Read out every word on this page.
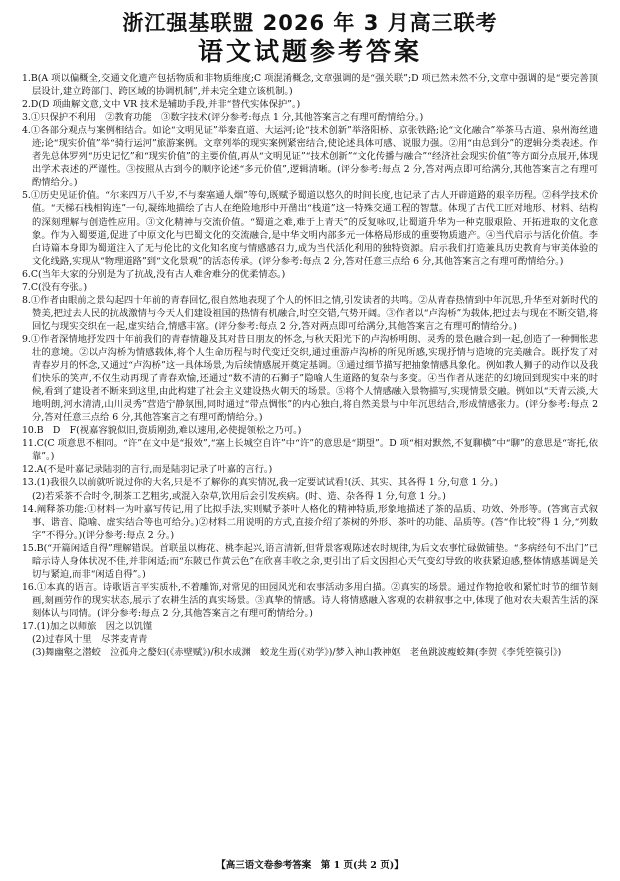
浙江强基联盟 2026 年 3 月高三联考
语文试题参考答案

1.B(A 项以偏概全,交通文化遗产包括物质和非物质维度;C 项混淆概念,文章强调的是“强关联”;D 项已然未然不分,文章中强调的是“要完善顶层设计,建立跨部门、跨区域的协调机制”,并未完全建立该机制。)

2.D(D 项曲解文意,文中 VR 技术是辅助手段,并非“替代实体保护”。)

3.①只保护不利用　②教育功能　③数字技术(评分参考:每点 1 分,其他答案言之有理可酌情给分。)

4.①各部分观点与案例相结合。如论“文明见证”举秦直道、大运河;论“技术创新”举洛阳桥、京张铁路;论“文化融合”举茶马古道、泉州海丝遗迹;论“现实价值”举“骑行运河”旅游案例。文章列举的现实案例紧密结合,使论述具体可感、说服力强。②用“由总到分”的逻辑分类表述。作者先总体罗列“历史记忆”和“现实价值”的主要价值,再从“文明见证”“技术创新”“文化传播与融合”“经济社会现实价值”等方面分点展开,体现出学术表述的严谨性。③按照从古到今的顺序论述“多元价值”,逻辑清晰。(评分参考:每点 2 分,答对两点即可给满分,其他答案言之有理可酌情给分。)

5.①历史见证价值。“尔来四万八千岁,不与秦塞通人烟”等句,既赋予蜀道以悠久的时间长度,也记录了古人开辟道路的艰辛历程。②科学技术价值。“天梯石栈相钩连”一句,凝练地描绘了古人在绝险地形中开凿出“栈道”这一特殊交通工程的智慧。体现了古代工匠对地形、材料、结构的深刻理解与创造性应用。③文化精神与交流价值。“蜀道之难,难于上青天”的反复咏叹,让蜀道升华为一种克服艰险、开拓进取的文化意象。作为入蜀要道,促进了中原文化与巴蜀文化的交流融合,是中华文明内部多元一体格局形成的重要物质遗产。④当代启示与活化价值。李白诗篇本身即为蜀道注入了无与伦比的文化知名度与情感感召力,成为当代活化利用的独特资源。启示我们打造兼具历史教育与审美体验的文化线路,实现从“物理道路”到“文化景观”的活态传承。(评分参考:每点 2 分,答对任意三点给 6 分,其他答案言之有理可酌情给分。)

6.C(当年大家的分别是为了抗战,没有古人难舍难分的优柔情态。)

7.C(没有夸张。)

8.①作者由眼前之景勾起四十年前的青春回忆,很自然地表现了个人的怀旧之情,引发读者的共鸣。②从青春热情到中年沉思,升华至对新时代的赞美,把过去人民的抗战激情与今天人们建设祖国的热情有机融合,时空交错,气势开阔。③作者以“卢沟桥”为载体,把过去与现在不断交错,将回忆与现实交织在一起,虚实结合,情感丰富。(评分参考:每点 2 分,答对两点即可给满分,其他答案言之有理可酌情给分。)

9.①作者深情地抒发四十年前我们的青春情趣及其对昔日朋友的怀念,与秋天阳光下的卢沟桥明朗、灵秀的景色融合到一起,创造了一种惆怅悲壮的意境。②以卢沟桥为情感载体,将个人生命历程与时代变迁交织,通过重游卢沟桥的所见所感,实现抒情与造境的完美融合。既抒发了对青春岁月的怀念,又通过“卢沟桥”这一具体场景,为后续情感展开奠定基调。③通过细节描写把抽象情感具象化。例如教人狮子的动作以及我们快乐的笑声,不仅生动再现了青春欢愉,还通过“数不清的石狮子”隐喻人生道路的复杂与多变。④当作者从迷茫的幻境回到现实中来的时候,看到了建设者不断来到这里,由此构建了社会主义建设热火朝天的场景。⑤将个人情感融入景物描写,实现情景交融。例如以“天青云淡,大地明朗,河水清清,山川灵秀”营造宁静氛围,同时通过“带点惆怅”的内心独白,将自然美景与中年沉思结合,形成情感张力。(评分参考:每点 2 分,答对任意三点给 6 分,其他答案言之有理可酌情给分。)

10.B　D　F(视嘉容貌似旧,资质刚劲,难以速用,必使提领松之乃可。)

11.C(C 项意思不相同。“许”在文中是“报效”,“塞上长城空自许”中“许”的意思是“期望”。D 项“相对默然,不复聊横”中“聊”的意思是“寄托,依靠”。)

12.A(不是叶嘉记录陆羽的言行,而是陆羽记录了叶嘉的言行。)

13.(1)我很久以前就听说过你的大名,只是不了解你的真实情况,我一定要试试看!(沃、其实、其各得 1 分,句意 1 分。)

(2)若采茶不合时令,制茶工艺粗劣,或混入杂草,饮用后会引发疾病。(时、造、杂各得 1 分,句意 1 分。)

14.阐释茶功能:①材料一为叶嘉写传记,用了比拟手法,实则赋予茶叶人格化的精神特质,形象地描述了茶的品质、功效、外形等。(答寓言式叙事、谐音、隐喻、虚实结合等也可给分。)②材料二用说明的方式,直接介绍了茶树的外形、茶叶的功能、品质等。(答“作比较”得 1 分,“列数字”不得分。)(评分参考:每点 2 分。)

15.B(“开篇闲适自得”理解错误。首联虽以梅花、桃李起兴,语言清新,但背景客观陈述农时规律,为后文农事忙碌做铺垫。“多病经句不出门”已暗示诗人身体状况不佳,并非闲适;而“东陂已作黄云色”在欣喜丰收之余,更引出了后文因担心天气变幻导致的收获紧迫感,整体情感基调是关切与紧迫,而非“闲适自得”。)

16.①本真的语言。诗歌语言平实质朴,不着雕饰,对常见的田园风光和农事活动多用白描。②真实的场景。通过作物抢收和紧忙时节的细节刻画,刻画劳作的现实状态,展示了农耕生活的真实场景。③真挚的情感。诗人将情感融入客观的农耕叙事之中,体现了他对农夫艰苦生活的深刻体认与同情。(评分参考:每点 2 分,其他答案言之有理可酌情给分。)

17.(1)加之以师旅　因之以饥馑

(2)过春风十里　尽荠麦青青

(3)舞幽壑之潜蛟　泣孤舟之嫠妇(《赤壁赋》)/积水成渊　蛟龙生焉(《劝学》)/梦入神山教神妪　老鱼跳波瘦蛟舞(李贺《李凭箜篌引》)

【高三语文卷参考答案　第 1 页(共 2 页)】
